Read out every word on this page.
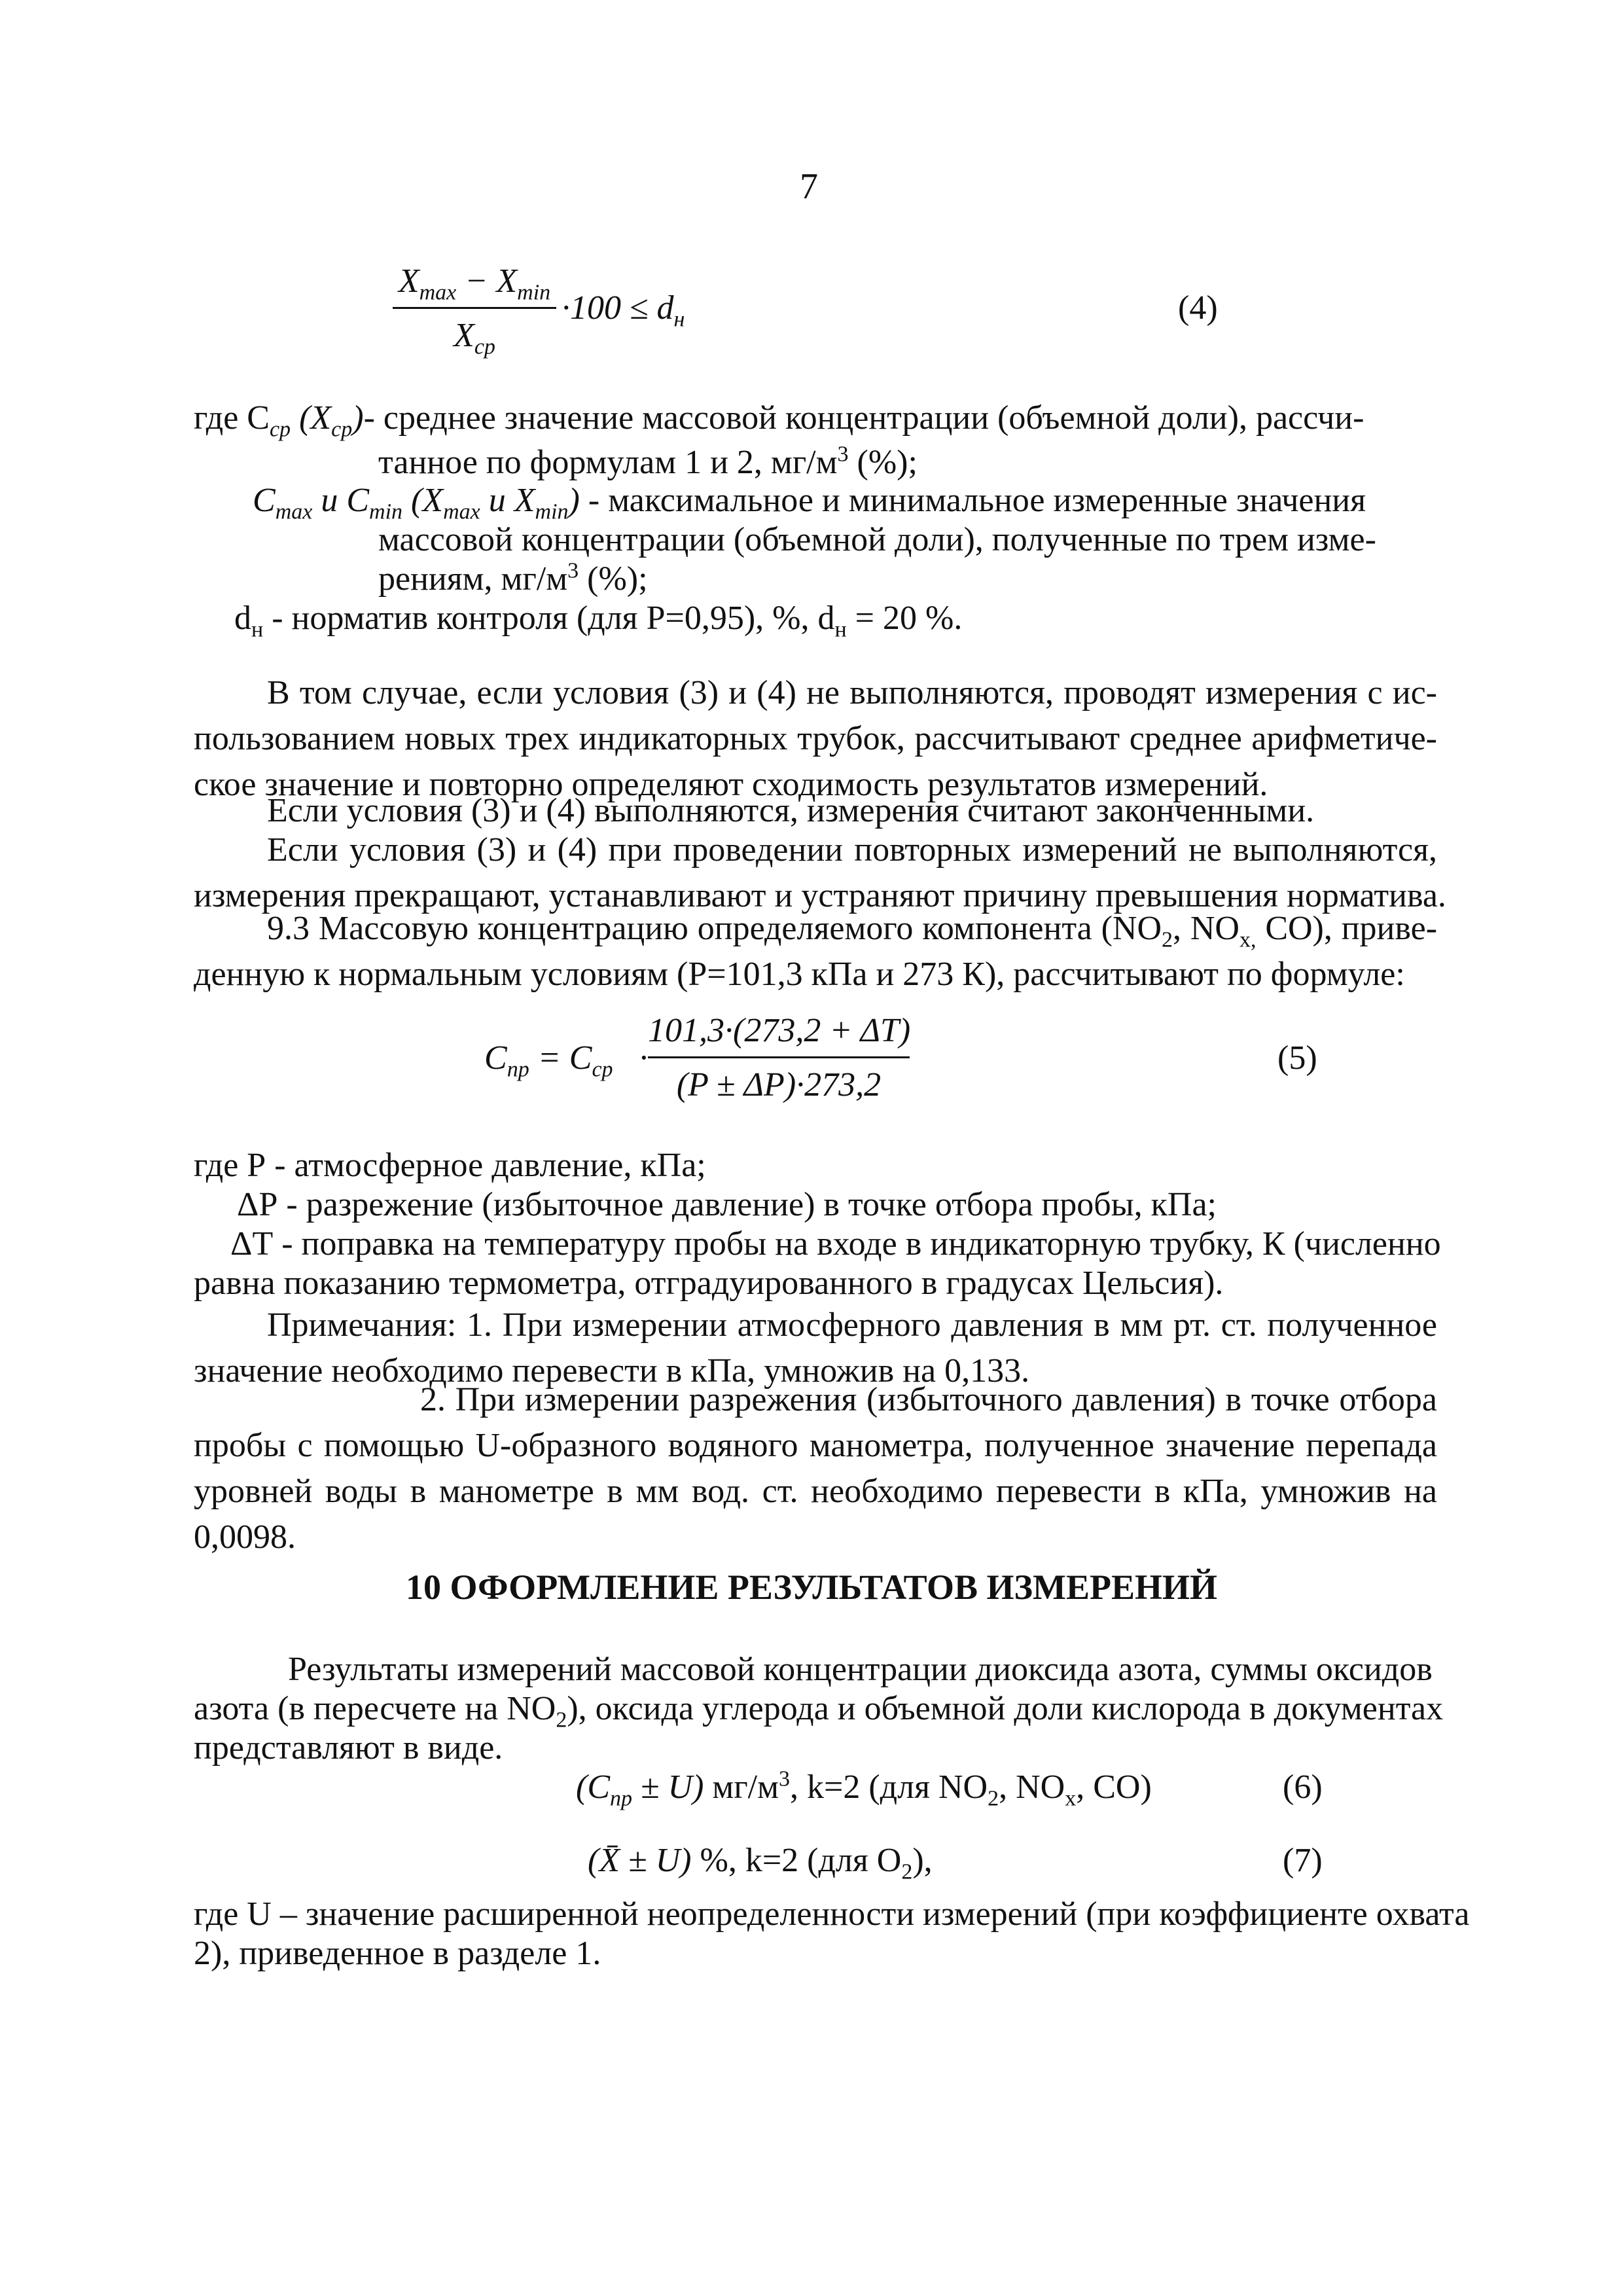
7
$X_{max} - X_{min}$
$X_{ср}$
$\cdot 100 \le d_н$	(4)
где $C_{ср}$ $(X_{ср})-$ среднее значение массовой концентрации (объемной доли), рассчи-
танное по формулам 1 и 2, $мг/м^3$ (%);
$C_{max}$ и $C_{min}$ ($X_{max}$ и $X_{min}$) - максимальное и минимальное измеренные значения
массовой концентрации (объемной доли), полученные по трем изме-
рениям, $мг/м^3$ (%);
$d_н$ - норматив контроля (для Р=0,95), %, $d_н = 20$ %.
В том случае, если условия (3) и (4) не выполняются, проводят измерения с ис-
пользованием новых трех индикаторных трубок, рассчитывают среднее арифметиче-
ское значение и повторно определяют сходимость результатов измерений.
Если условия (3) и (4) выполняются, измерения считают законченными.
Если условия (3) и (4) при проведении повторных измерений не выполняются,
измерения прекращают, устанавливают и устраняют причину превышения норматива.
9.3 Массовую концентрацию определяемого компонента ($NO_2$, $NO_{x,}$ CO), приве-
денную к нормальным условиям (Р=101,3 кПа и 273 К), рассчитывают по формуле:
$C_{пр} = C_{ср}$ ·
101,3·(273,2 + ΔT)
(P ± ΔP)·273,2
(5)
где Р - атмосферное давление, кПа;
ΔР - разрежение (избыточное давление) в точке отбора пробы, кПа;
ΔТ - поправка на температуру пробы на входе в индикаторную трубку, К (численно
равна показанию термометра, отградуированного в градусах Цельсия).
Примечания: 1. При измерении атмосферного давления в мм рт. ст. полученное
значение необходимо перевести в кПа, умножив на 0,133.
2. При измерении разрежения (избыточного давления) в точке отбора
пробы с помощью U-образного водяного манометра, полученное значение перепада
уровней воды в манометре в мм вод. ст. необходимо перевести в кПа, умножив на
0,0098.
10 ОФОРМЛЕНИЕ РЕЗУЛЬТАТОВ ИЗМЕРЕНИЙ
Результаты измерений массовой концентрации диоксида азота, суммы оксидов
азота (в пересчете на $NO_2$), оксида углерода и объемной доли кислорода в документах
представляют в виде.
$(C_{пр} \pm U)$ $мг/м^3$, k=2 (для $NO_2$, $NO_x$, CO)	(6)
(X̄ ± U) %, k=2 (для $O_2$),	(7)
где U – значение расширенной неопределенности измерений (при коэффициенте охвата
2), приведенное в разделе 1.
